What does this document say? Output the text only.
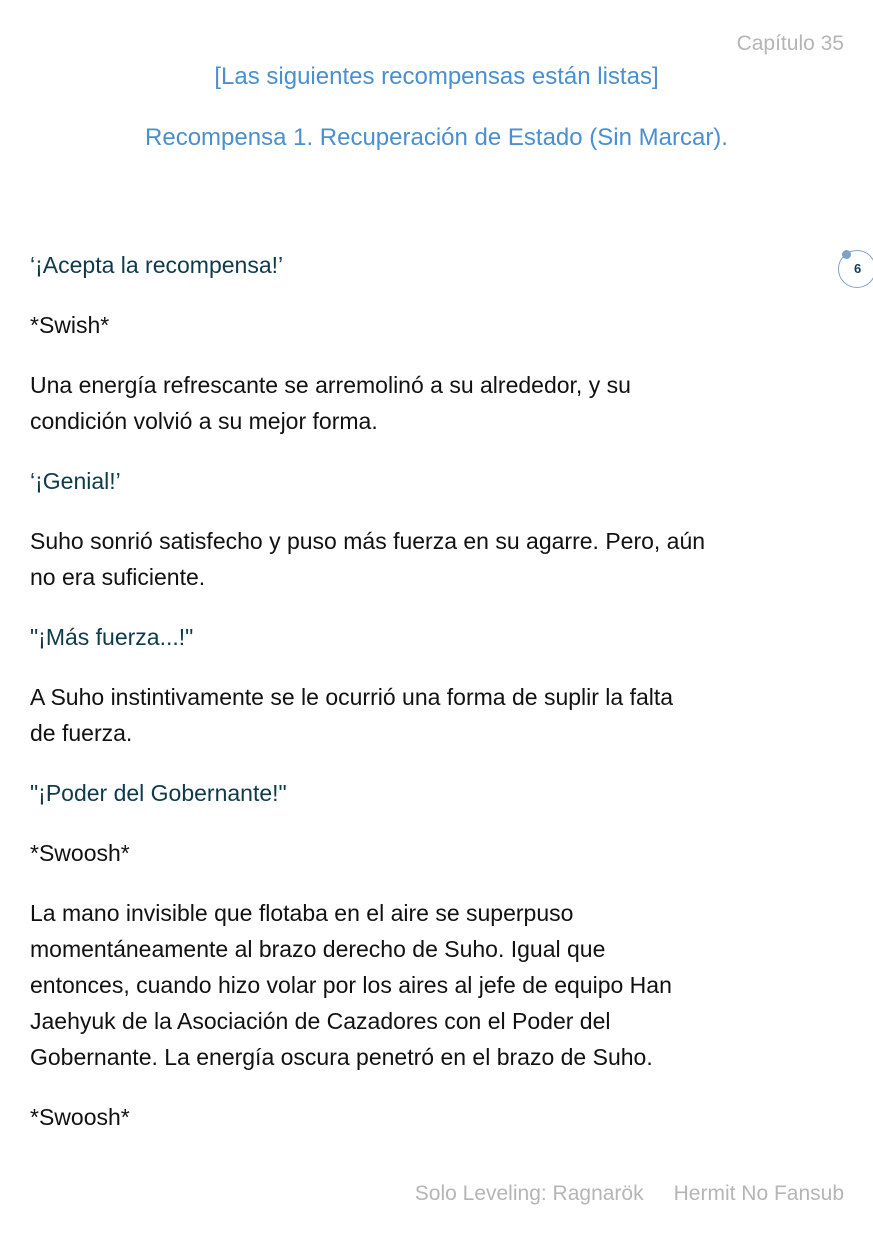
Capítulo 35
[Las siguientes recompensas están listas]
Recompensa 1. Recuperación de Estado (Sin Marcar).
6

‘¡Acepta la recompensa!’

*Swish*

Una energía refrescante se arremolinó a su alrededor, y su
condición volvió a su mejor forma.

‘¡Genial!’

Suho sonrió satisfecho y puso más fuerza en su agarre. Pero, aún
no era suficiente.

"¡Más fuerza...!"

A Suho instintivamente se le ocurrió una forma de suplir la falta
de fuerza.

"¡Poder del Gobernante!"

*Swoosh*

La mano invisible que flotaba en el aire se superpuso
momentáneamente al brazo derecho de Suho. Igual que
entonces, cuando hizo volar por los aires al jefe de equipo Han
Jaehyuk de la Asociación de Cazadores con el Poder del
Gobernante. La energía oscura penetró en el brazo de Suho.

*Swoosh*

Solo Leveling: Ragnarök Hermit No Fansub
